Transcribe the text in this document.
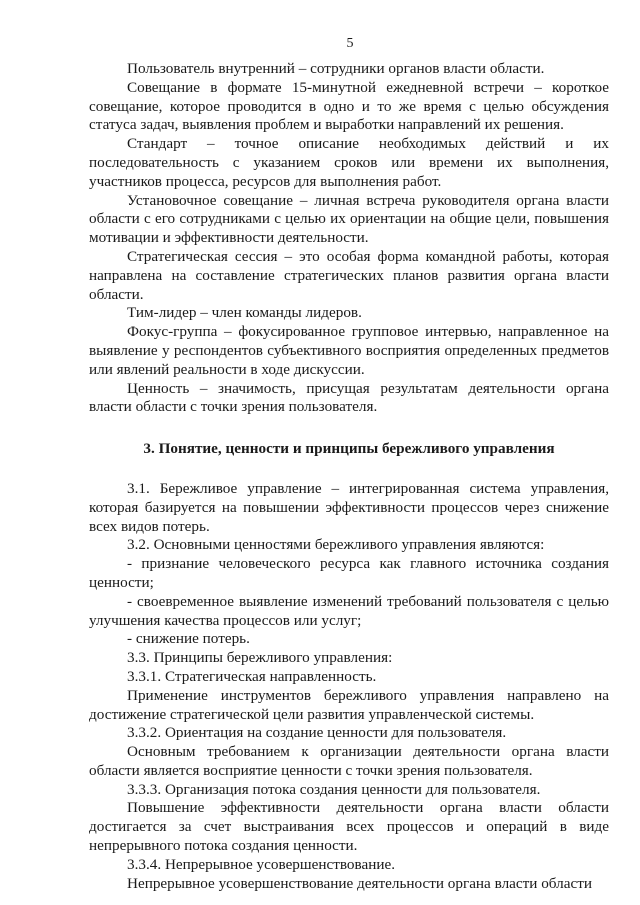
5

Пользователь внутренний – сотрудники органов власти области.

Совещание в формате 15-минутной ежедневной встречи – короткое совещание, которое проводится в одно и то же время с целью обсуждения статуса задач, выявления проблем и выработки направлений их решения.

Стандарт – точное описание необходимых действий и их последовательность с указанием сроков или времени их выполнения, участников процесса, ресурсов для выполнения работ.

Установочное совещание – личная встреча руководителя органа власти области с его сотрудниками с целью их ориентации на общие цели, повышения мотивации и эффективности деятельности.

Стратегическая сессия – это особая форма командной работы, которая направлена на составление стратегических планов развития органа власти области.

Тим-лидер – член команды лидеров.

Фокус-группа – фокусированное групповое интервью, направленное на выявление у респондентов субъективного восприятия определенных предметов или явлений реальности в ходе дискуссии.

Ценность – значимость, присущая результатам деятельности органа власти области с точки зрения пользователя.

3. Понятие, ценности и принципы бережливого управления

3.1. Бережливое управление – интегрированная система управления, которая базируется на повышении эффективности процессов через снижение всех видов потерь.

3.2. Основными ценностями бережливого управления являются:

- признание человеческого ресурса как главного источника создания ценности;

- своевременное выявление изменений требований пользователя с целью улучшения качества процессов или услуг;

- снижение потерь.

3.3. Принципы бережливого управления:

3.3.1. Стратегическая направленность.

Применение инструментов бережливого управления направлено на достижение стратегической цели развития управленческой системы.

3.3.2. Ориентация на создание ценности для пользователя.

Основным требованием к организации деятельности органа власти области является восприятие ценности с точки зрения пользователя.

3.3.3. Организация потока создания ценности для пользователя.

Повышение эффективности деятельности органа власти области достигается за счет выстраивания всех процессов и операций в виде непрерывного потока создания ценности.

3.3.4. Непрерывное усовершенствование.

Непрерывное усовершенствование деятельности органа власти области
